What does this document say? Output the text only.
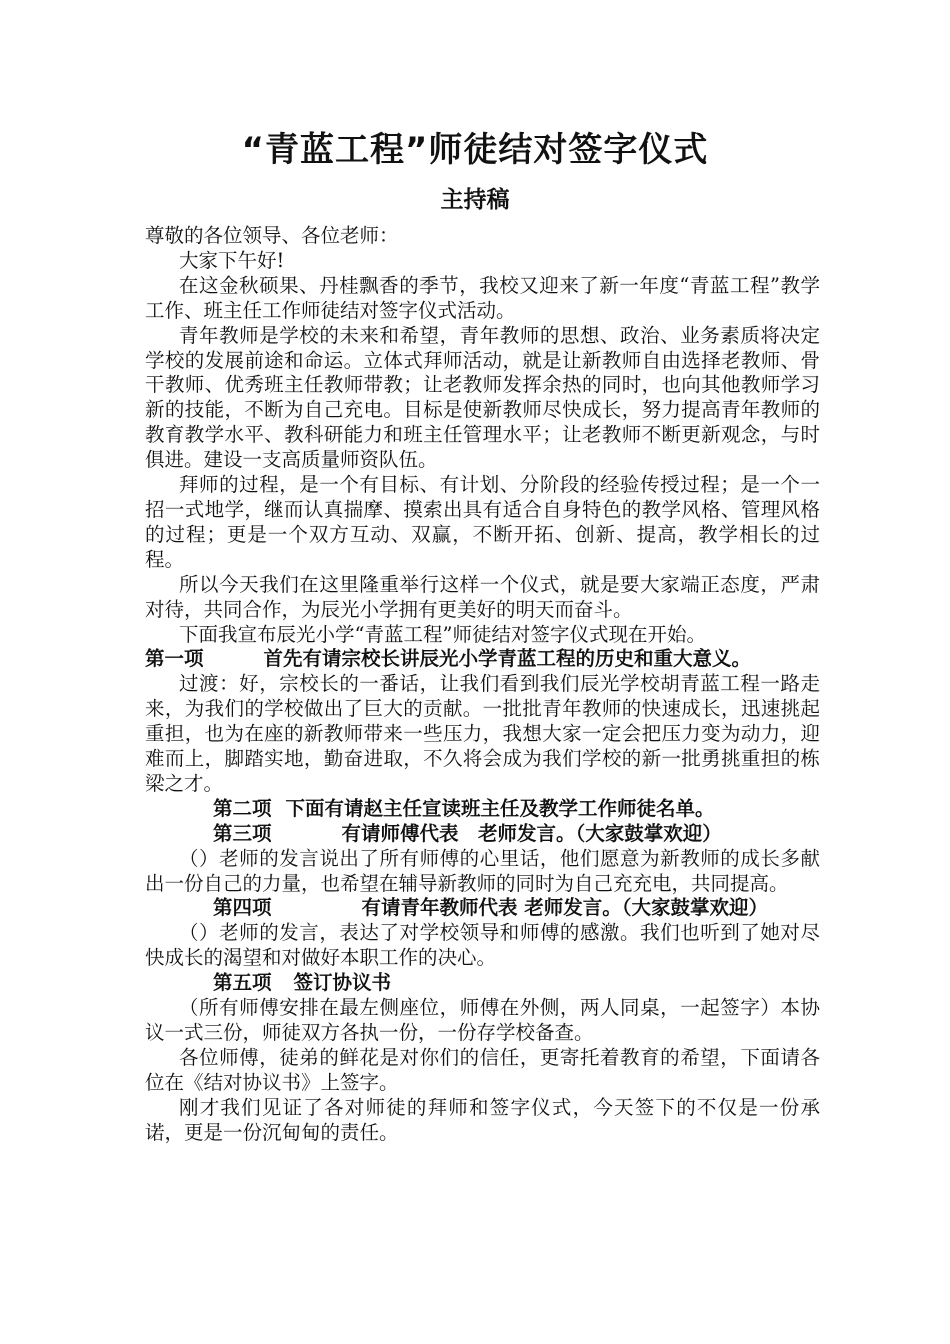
“青蓝工程”师徒结对签字仪式
主持稿

尊敬的各位领导、各位老师：

大家下午好!

在这金秋硕果、丹桂飘香的季节，我校又迎来了新一年度“青蓝工程”教学工作、班主任工作师徒结对签字仪式活动。

青年教师是学校的未来和希望，青年教师的思想、政治、业务素质将决定学校的发展前途和命运。立体式拜师活动，就是让新教师自由选择老教师、骨干教师、优秀班主任教师带教；让老教师发挥余热的同时，也向其他教师学习新的技能，不断为自己充电。目标是使新教师尽快成长，努力提高青年教师的教育教学水平、教科研能力和班主任管理水平；让老教师不断更新观念，与时俱进。建设一支高质量师资队伍。

拜师的过程，是一个有目标、有计划、分阶段的经验传授过程；是一个一招一式地学，继而认真揣摩、摸索出具有适合自身特色的教学风格、管理风格的过程；更是一个双方互动、双赢，不断开拓、创新、提高，教学相长的过程。

所以今天我们在这里隆重举行这样一个仪式，就是要大家端正态度，严肃对待，共同合作，为辰光小学拥有更美好的明天而奋斗。

下面我宣布辰光小学“青蓝工程”师徒结对签字仪式现在开始。

第一项	首先有请宗校长讲辰光小学青蓝工程的历史和重大意义。

过渡：好，宗校长的一番话，让我们看到我们辰光学校胡青蓝工程一路走来，为我们的学校做出了巨大的贡献。一批批青年教师的快速成长，迅速挑起重担，也为在座的新教师带来一些压力，我想大家一定会把压力变为动力，迎难而上，脚踏实地，勤奋进取，不久将会成为我们学校的新一批勇挑重担的栋梁之才。

第二项 下面有请赵主任宣读班主任及教学工作师徒名单。

第三项	有请师傅代表　老师发言。（大家鼓掌欢迎）

（）老师的发言说出了所有师傅的心里话，他们愿意为新教师的成长多献出一份自己的力量，也希望在辅导新教师的同时为自己充充电，共同提高。

第四项	有请青年教师代表 老师发言。（大家鼓掌欢迎）

（）老师的发言，表达了对学校领导和师傅的感激。我们也听到了她对尽快成长的渴望和对做好本职工作的决心。

第五项 签订协议书

（所有师傅安排在最左侧座位，师傅在外侧，两人同桌，一起签字）本协议一式三份，师徒双方各执一份，一份存学校备查。

各位师傅，徒弟的鲜花是对你们的信任，更寄托着教育的希望，下面请各位在《结对协议书》上签字。

刚才我们见证了各对师徒的拜师和签字仪式，今天签下的不仅是一份承诺，更是一份沉甸甸的责任。
